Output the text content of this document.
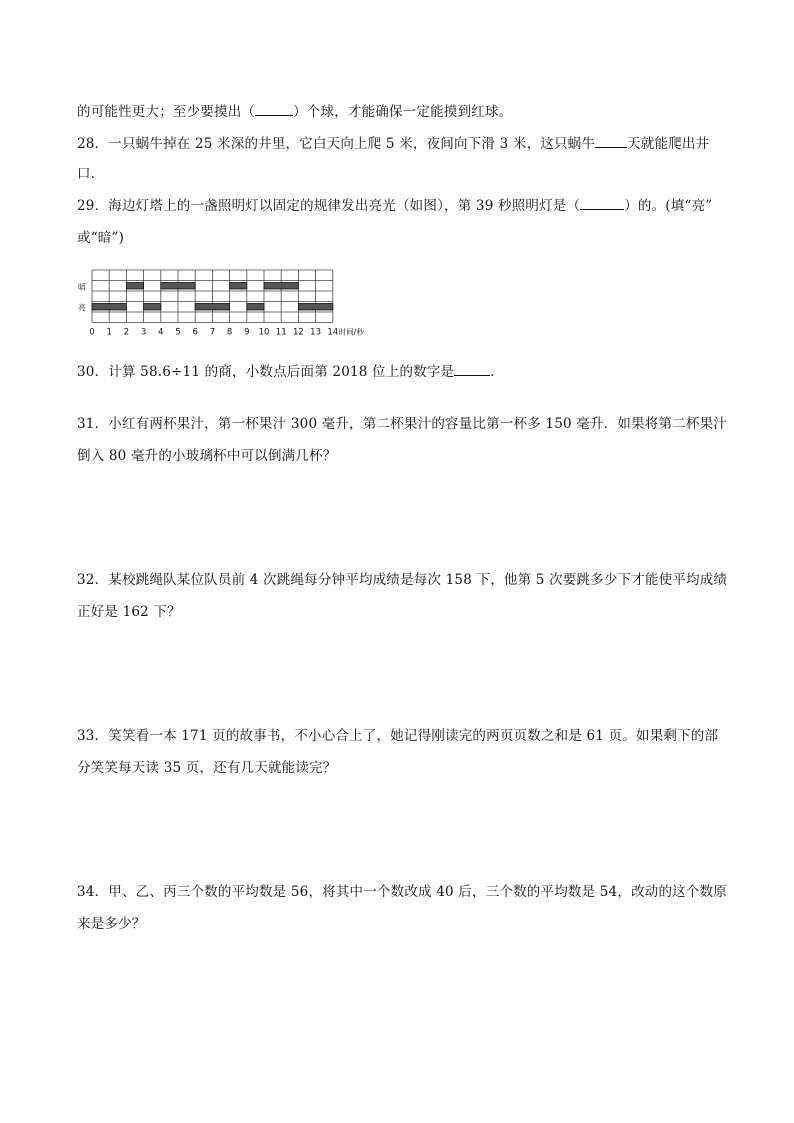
的可能性更大；至少要摸出（	）个球，才能确保一定能摸到红球。
28．一只蜗牛掉在 25 米深的井里，它白天向上爬 5 米，夜间向下滑 3 米，这只蜗牛 天就能爬出井
口．
29．海边灯塔上的一盏照明灯以固定的规律发出亮光（如图），第 39 秒照明灯是（	）的。(填“亮”
或“暗”)
暗
亮
0 1 2 3 4 5 6 7 8 9 10 11 12 13 14 时间/秒
30．计算 58.6÷11 的商，小数点后面第 2018 位上的数字是	．
31．小红有两杯果汁，第一杯果汁 300 毫升，第二杯果汁的容量比第一杯多 150 毫升．如果将第二杯果汁
倒入 80 毫升的小玻璃杯中可以倒满几杯？
32．某校跳绳队某位队员前 4 次跳绳每分钟平均成绩是每次 158 下，他第 5 次要跳多少下才能使平均成绩
正好是 162 下？
33．笑笑看一本 171 页的故事书，不小心合上了，她记得刚读完的两页页数之和是 61 页。如果剩下的部
分笑笑每天读 35 页，还有几天就能读完？
34．甲、乙、丙三个数的平均数是 56，将其中一个数改成 40 后，三个数的平均数是 54，改动的这个数原
来是多少？
